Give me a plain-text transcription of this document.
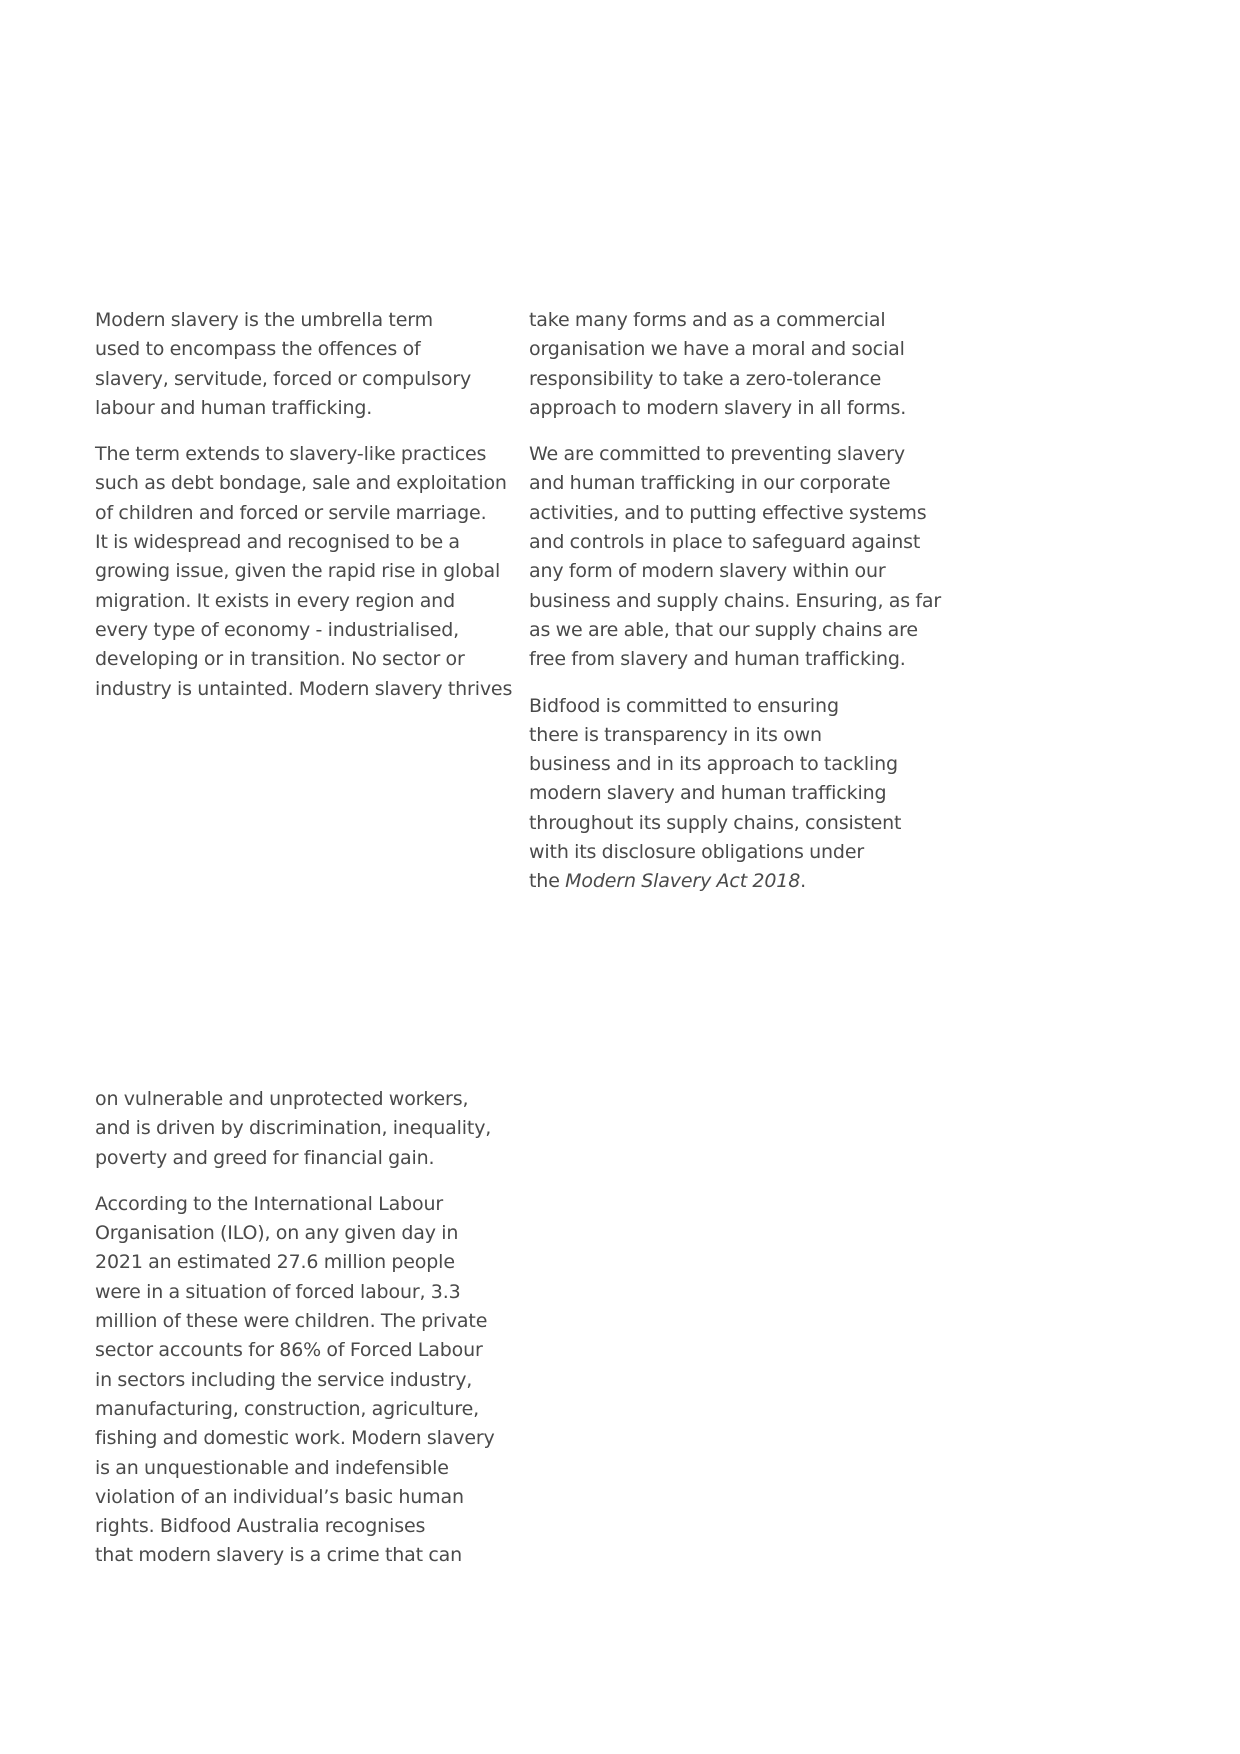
Modern slavery is the umbrella term
used to encompass the offences of
slavery, servitude, forced or compulsory
labour and human trafficking.

The term extends to slavery-like practices
such as debt bondage, sale and exploitation
of children and forced or servile marriage.
It is widespread and recognised to be a
growing issue, given the rapid rise in global
migration. It exists in every region and
every type of economy - industrialised,
developing or in transition. No sector or
industry is untainted. Modern slavery thrives

take many forms and as a commercial
organisation we have a moral and social
responsibility to take a zero-tolerance
approach to modern slavery in all forms.

We are committed to preventing slavery
and human trafficking in our corporate
activities, and to putting effective systems
and controls in place to safeguard against
any form of modern slavery within our
business and supply chains. Ensuring, as far
as we are able, that our supply chains are
free from slavery and human trafficking.

Bidfood is committed to ensuring
there is transparency in its own
business and in its approach to tackling
modern slavery and human trafficking
throughout its supply chains, consistent
with its disclosure obligations under
the Modern Slavery Act 2018.

on vulnerable and unprotected workers,
and is driven by discrimination, inequality,
poverty and greed for financial gain.

According to the International Labour
Organisation (ILO), on any given day in
2021 an estimated 27.6 million people
were in a situation of forced labour, 3.3
million of these were children. The private
sector accounts for 86% of Forced Labour
in sectors including the service industry,
manufacturing, construction, agriculture,
fishing and domestic work. Modern slavery
is an unquestionable and indefensible
violation of an individual’s basic human
rights. Bidfood Australia recognises
that modern slavery is a crime that can
